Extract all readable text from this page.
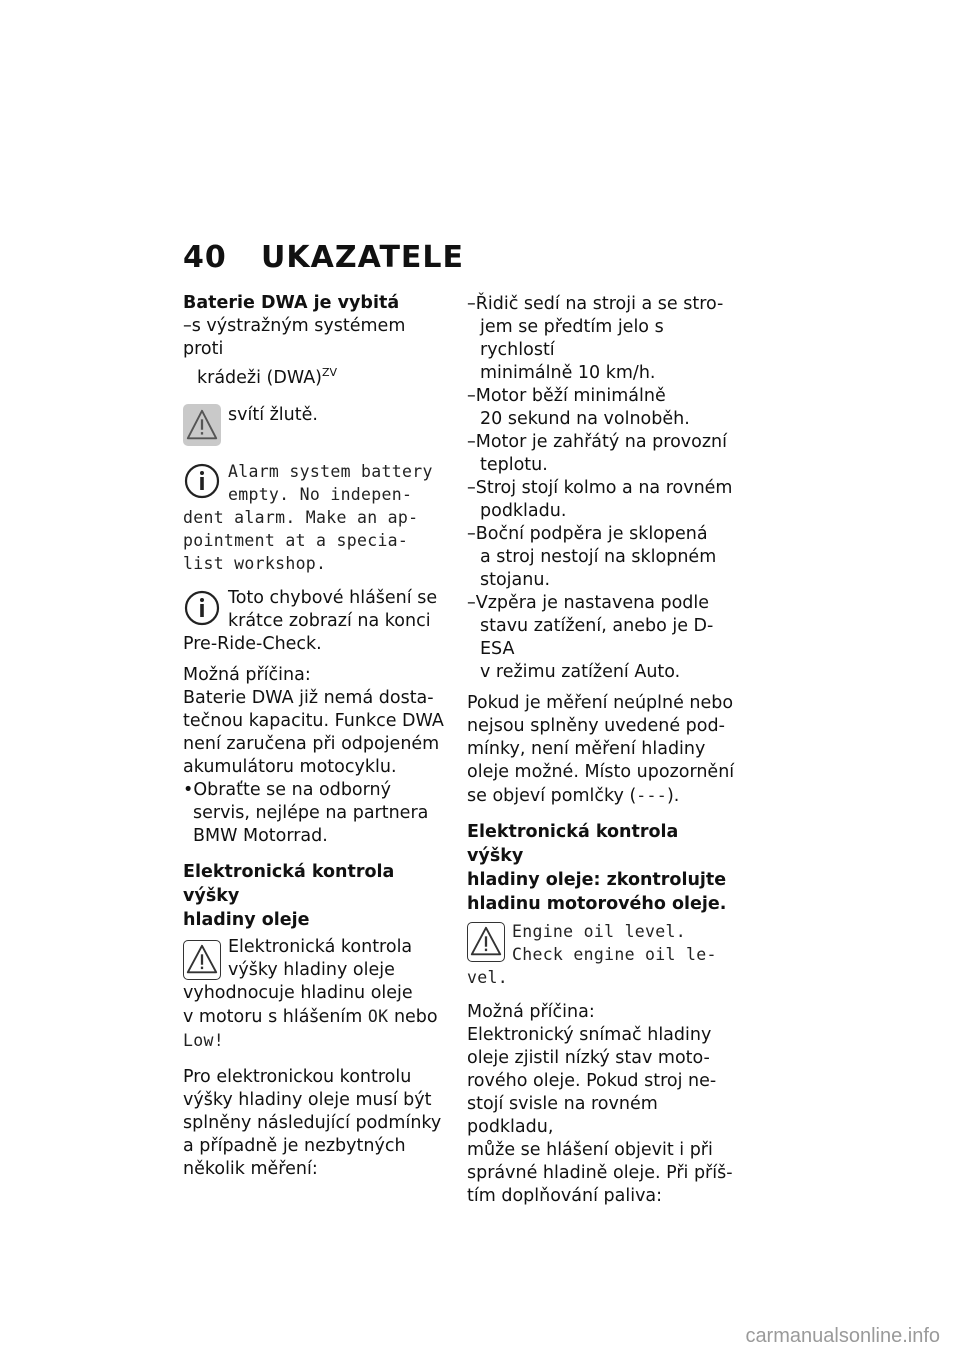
40 UKAZATELE

Baterie DWA je vybitá

–s výstražným systémem proti

krádeži (DWA)$^{ZV}$

svítí žlutě.

Alarm system battery

empty. No indepen-

dent alarm. Make an ap-

pointment at a specia-

list workshop.

Toto chybové hlášení se

krátce zobrazí na konci

Pre-Ride-Check.

Možná příčina:

Baterie DWA již nemá dosta-

tečnou kapacitu. Funkce DWA

není zaručena při odpojeném

akumulátoru motocyklu.

•Obraťte se na odborný

servis, nejlépe na partnera

BMW Motorrad.

Elektronická kontrola výšky

hladiny oleje

Elektronická kontrola

výšky hladiny oleje

vyhodnocuje hladinu oleje

v motoru s hlášením OK nebo

Low!

Pro elektronickou kontrolu

výšky hladiny oleje musí být

splněny následující podmínky

a případně je nezbytných

několik měření:

–Řidič sedí na stroji a se stro-

jem se předtím jelo s rychlostí

minimálně 10 km/h.

–Motor běží minimálně

20 sekund na volnoběh.

–Motor je zahřátý na provozní

teplotu.

–Stroj stojí kolmo a na rovném

podkladu.

–Boční podpěra je sklopená

a stroj nestojí na sklopném

stojanu.

–Vzpěra je nastavena podle

stavu zatížení, anebo je D-ESA

v režimu zatížení Auto.

Pokud je měření neúplné nebo

nejsou splněny uvedené pod-

mínky, není měření hladiny

oleje možné. Místo upozornění

se objeví pomlčky (---).

Elektronická kontrola výšky

hladiny oleje: zkontrolujte

hladinu motorového oleje.

Engine oil level.

Check engine oil le-

vel.

Možná příčina:

Elektronický snímač hladiny

oleje zjistil nízký stav moto-

rového oleje. Pokud stroj ne-

stojí svisle na rovném podkladu,

může se hlášení objevit i při

správné hladině oleje. Při příš-

tím doplňování paliva:

carmanualsonline.info
